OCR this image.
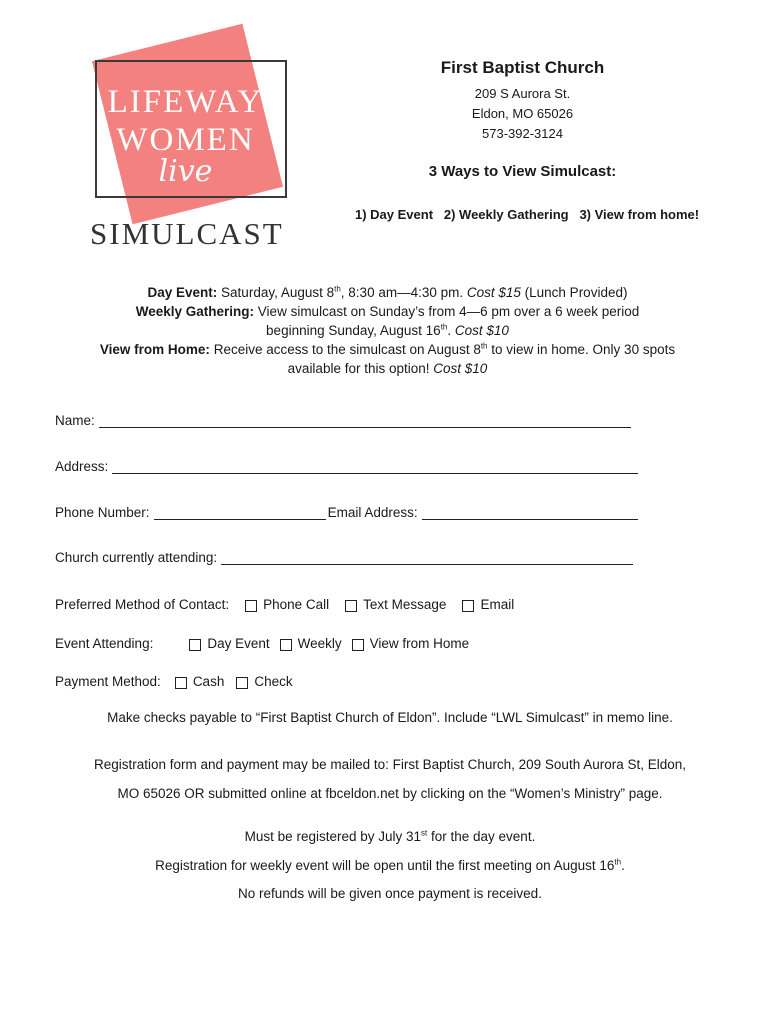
LIFEWAY
WOMEN
live
SIMULCAST
First Baptist Church
209 S Aurora St.
Eldon, MO 65026
573-392-3124
3 Ways to View Simulcast:
1) Day Event   2) Weekly Gathering   3) View from home!
Day Event: Saturday, August 8th, 8:30 am—4:30 pm. Cost $15 (Lunch Provided)
Weekly Gathering: View simulcast on Sunday’s from 4—6 pm over a 6 week period
beginning Sunday, August 16th. Cost $10
View from Home: Receive access to the simulcast on August 8th to view in home. Only 30 spots
available for this option! Cost $10
Name:
Address:
Phone Number:	Email Address:
Church currently attending:
Preferred Method of Contact:	Phone Call	Text Message	Email
Event Attending:	Day Event Weekly View from Home
Payment Method: Cash Check
Make checks payable to “First Baptist Church of Eldon”. Include “LWL Simulcast” in memo line.
Registration form and payment may be mailed to: First Baptist Church, 209 South Aurora St, Eldon,
MO 65026 OR submitted online at fbceldon.net by clicking on the “Women’s Ministry” page.
Must be registered by July 31st for the day event.
Registration for weekly event will be open until the first meeting on August 16th.
No refunds will be given once payment is received.
